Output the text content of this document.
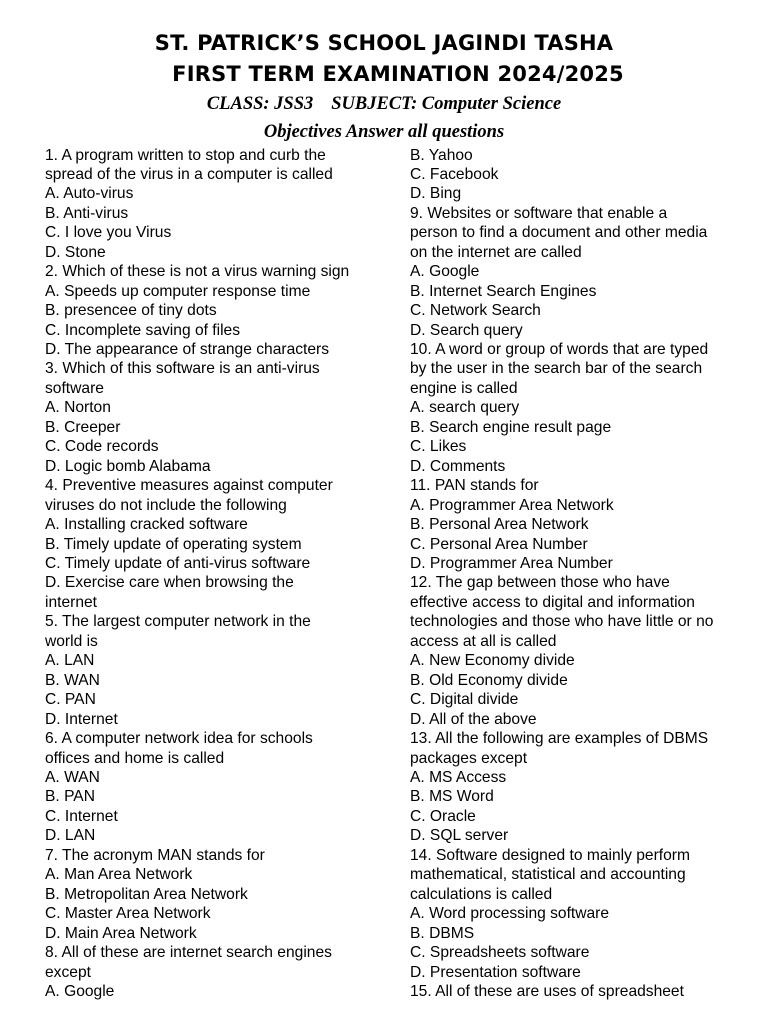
ST. PATRICK’S SCHOOL JAGINDI TASHA
FIRST TERM EXAMINATION 2024/2025
CLASS: JSS3 SUBJECT: Computer Science
Objectives Answer all questions
1. A program written to stop and curb the
spread of the virus in a computer is called
A. Auto-virus
B. Anti-virus
C. I love you Virus
D. Stone
2. Which of these is not a virus warning sign
A. Speeds up computer response time
B. presencee of tiny dots
C. Incomplete saving of files
D. The appearance of strange characters
3. Which of this software is an anti-virus
software
A. Norton
B. Creeper
C. Code records
D. Logic bomb Alabama
4. Preventive measures against computer
viruses do not include the following
A. Installing cracked software
B. Timely update of operating system
C. Timely update of anti-virus software
D. Exercise care when browsing the
internet
5. The largest computer network in the
world is
A. LAN
B. WAN
C. PAN
D. Internet
6. A computer network idea for schools
offices and home is called
A. WAN
B. PAN
C. Internet
D. LAN
7. The acronym MAN stands for
A. Man Area Network
B. Metropolitan Area Network
C. Master Area Network
D. Main Area Network
8. All of these are internet search engines
except
A. Google
B. Yahoo
C. Facebook
D. Bing
9. Websites or software that enable a
person to find a document and other media
on the internet are called
A. Google
B. Internet Search Engines
C. Network Search
D. Search query
10. A word or group of words that are typed
by the user in the search bar of the search
engine is called
A. search query
B. Search engine result page
C. Likes
D. Comments
11. PAN stands for
A. Programmer Area Network
B. Personal Area Network
C. Personal Area Number
D. Programmer Area Number
12. The gap between those who have
effective access to digital and information
technologies and those who have little or no
access at all is called
A. New Economy divide
B. Old Economy divide
C. Digital divide
D. All of the above
13. All the following are examples of DBMS
packages except
A. MS Access
B. MS Word
C. Oracle
D. SQL server
14. Software designed to mainly perform
mathematical, statistical and accounting
calculations is called
A. Word processing software
B. DBMS
C. Spreadsheets software
D. Presentation software
15. All of these are uses of spreadsheet
